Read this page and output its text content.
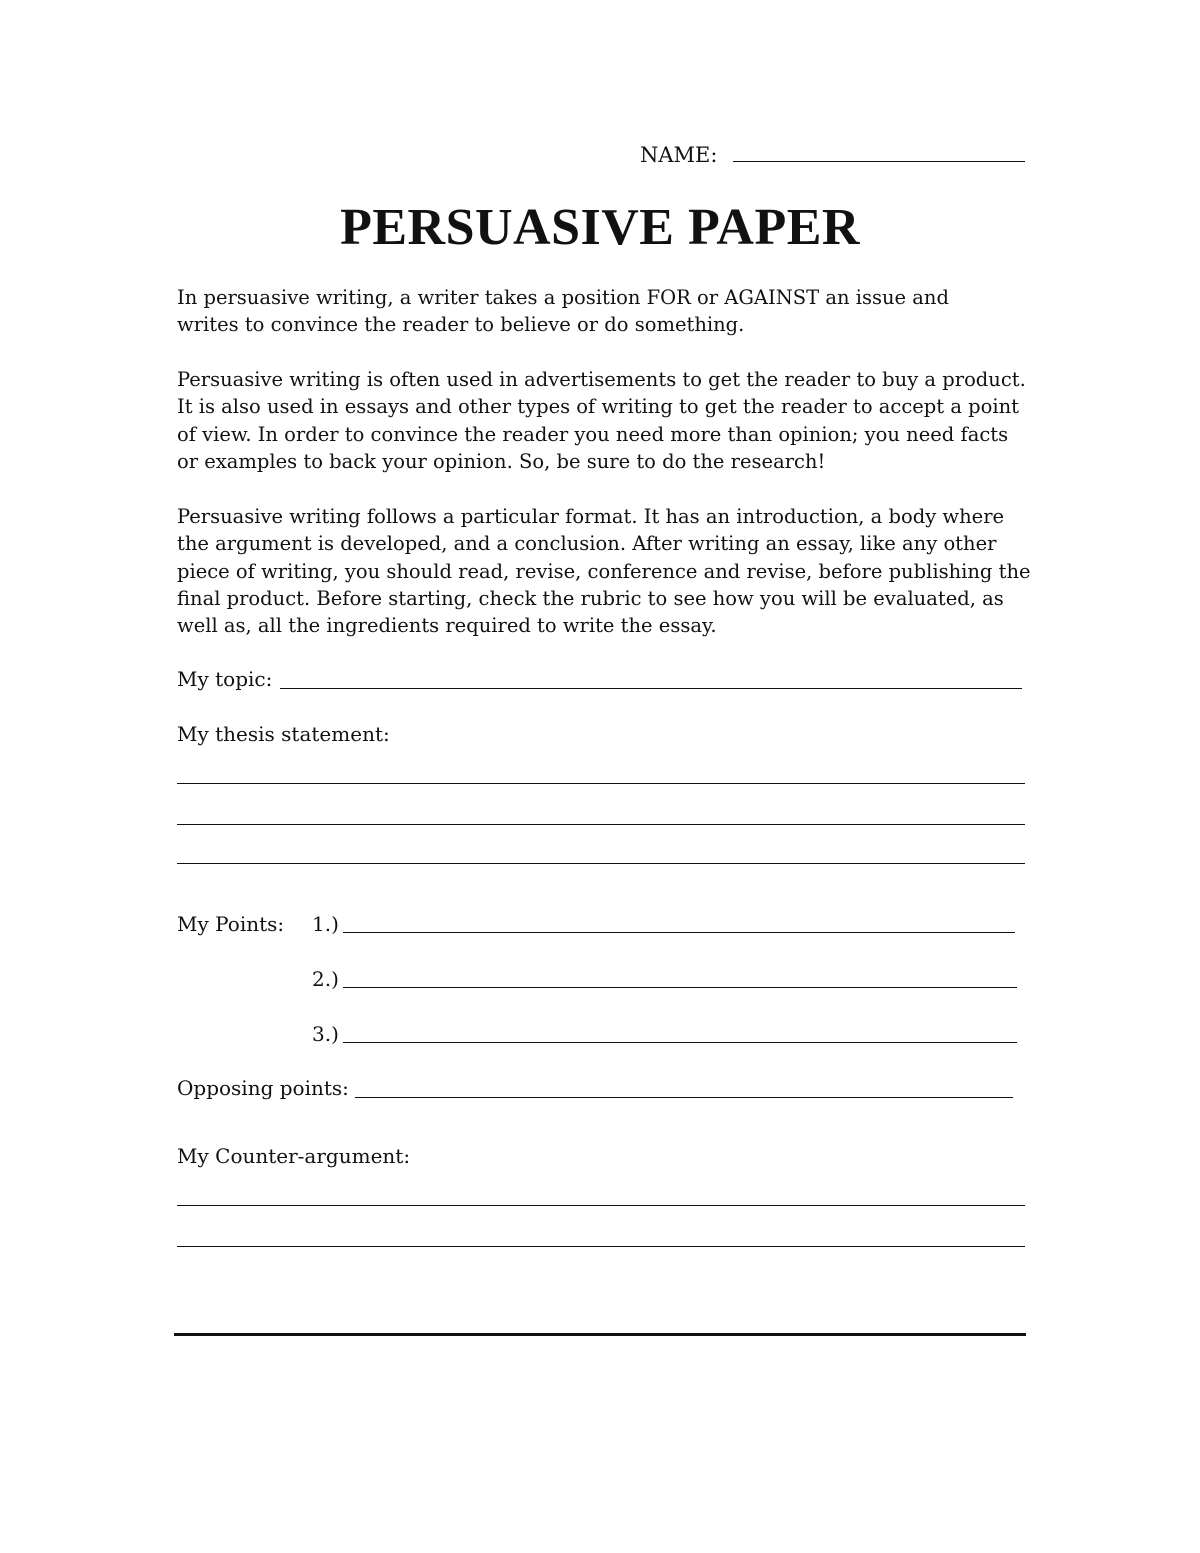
NAME:
PERSUASIVE PAPER
In persuasive writing, a writer takes a position FOR or AGAINST an issue and
writes to convince the reader to believe or do something.
Persuasive writing is often used in advertisements to get the reader to buy a product.
It is also used in essays and other types of writing to get the reader to accept a point
of view. In order to convince the reader you need more than opinion; you need facts
or examples to back your opinion. So, be sure to do the research!
Persuasive writing follows a particular format. It has an introduction, a body where
the argument is developed, and a conclusion. After writing an essay, like any other
piece of writing, you should read, revise, conference and revise, before publishing the
final product. Before starting, check the rubric to see how you will be evaluated, as
well as, all the ingredients required to write the essay.
My topic:
My thesis statement:
My Points: 1.)
2.)
3.)
Opposing points:
My Counter-argument:
